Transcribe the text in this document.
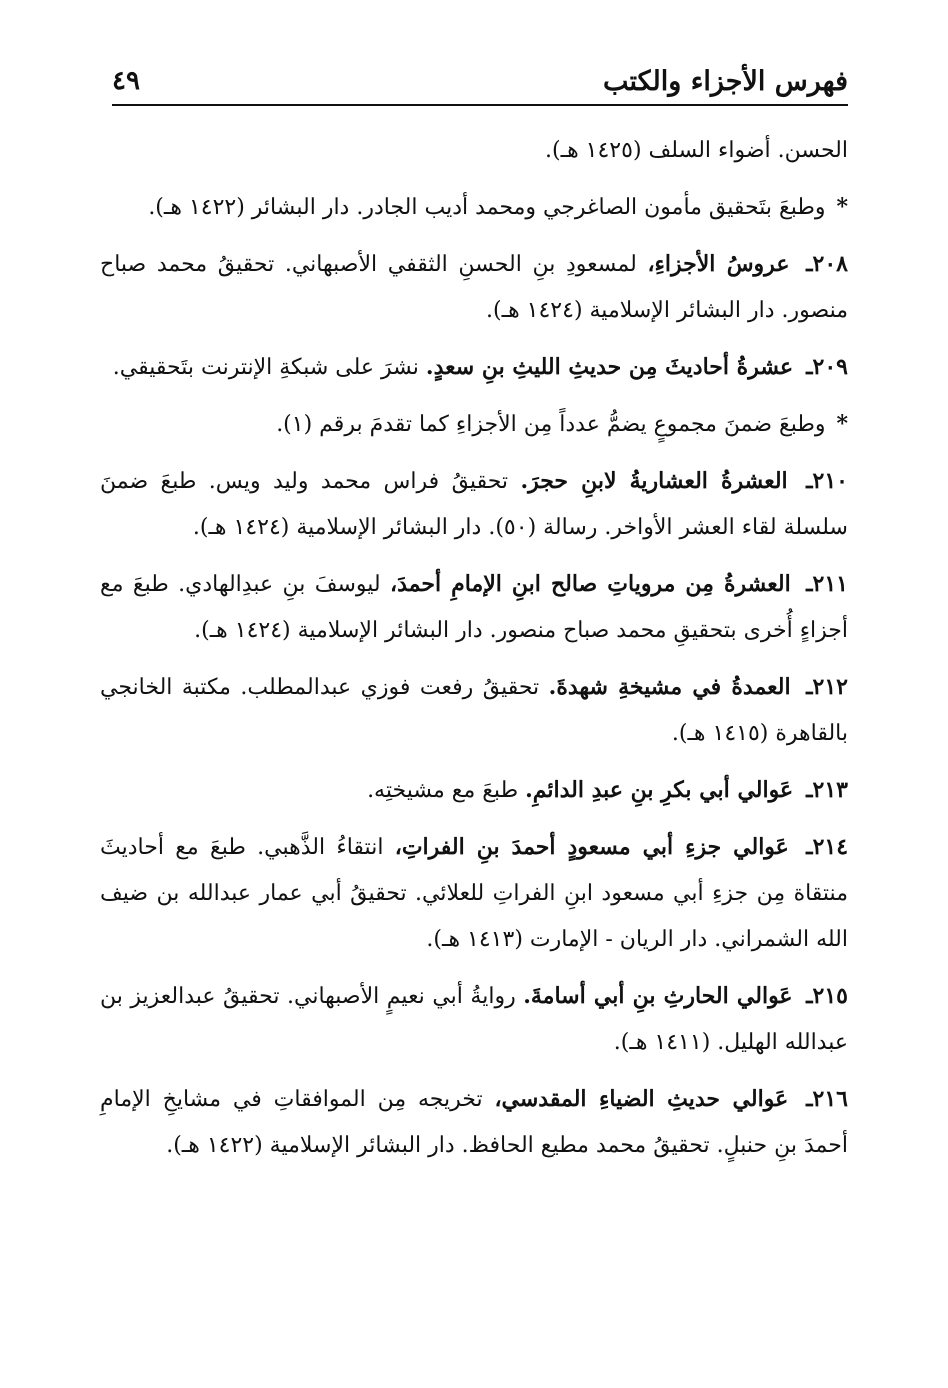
فهرس الأجزاء والكتب
٤٩

الحسن. أضواء السلف (١٤٢٥ هـ).

* وطبعَ بتَحقيق مأمون الصاغرجي ومحمد أديب الجادر. دار البشائر (١٤٢٢ هـ).

٢٠٨ـ عروسُ الأجزاءِ، لمسعودِ بنِ الحسنِ الثقفي الأصبهاني. تحقيقُ محمد صباح منصور. دار البشائر الإسلامية (١٤٢٤ هـ).

٢٠٩ـ عشرةُ أحاديثَ مِن حديثِ الليثِ بنِ سعدٍ. نشرَ على شبكةِ الإنترنت بتَحقيقي.

* وطبعَ ضمنَ مجموعٍ يضمُّ عدداً مِن الأجزاءِ كما تقدمَ برقم (١).

٢١٠ـ العشرةُ العشاريةُ لابنِ حجرَ. تحقيقُ فراس محمد وليد ويس. طبعَ ضمنَ سلسلة لقاء العشر الأواخر. رسالة (٥٠). دار البشائر الإسلامية (١٤٢٤ هـ).

٢١١ـ العشرةُ مِن مروياتِ صالح ابنِ الإمامِ أحمدَ، ليوسفَ بنِ عبدِالهادي. طبعَ مع أجزاءٍ أُخرى بتحقيقِ محمد صباح منصور. دار البشائر الإسلامية (١٤٢٤ هـ).

٢١٢ـ العمدةُ في مشيخةِ شهدةَ. تحقيقُ رفعت فوزي عبدالمطلب. مكتبة الخانجي بالقاهرة (١٤١٥ هـ).

٢١٣ـ عَوالي أبي بكرِ بنِ عبدِ الدائمِ. طبعَ مع مشيختِه.

٢١٤ـ عَوالي جزءِ أبي مسعودٍ أحمدَ بنِ الفراتِ، انتقاءُ الذَّهبي. طبعَ مع أحاديثَ منتقاة مِن جزءِ أبي مسعود ابنِ الفراتِ للعلائي. تحقيقُ أبي عمار عبدالله بن ضيف الله الشمراني. دار الريان - الإمارت (١٤١٣ هـ).

٢١٥ـ عَوالي الحارثِ بنِ أبي أسامةَ. روايةُ أبي نعيمٍ الأصبهاني. تحقيقُ عبدالعزيز بن عبدالله الهليل. (١٤١١ هـ).

٢١٦ـ عَوالي حديثِ الضياءِ المقدسي، تخريجه مِن الموافقاتِ في مشايخِ الإمامِ أحمدَ بنِ حنبلٍ. تحقيقُ محمد مطيع الحافظ. دار البشائر الإسلامية (١٤٢٢ هـ).
